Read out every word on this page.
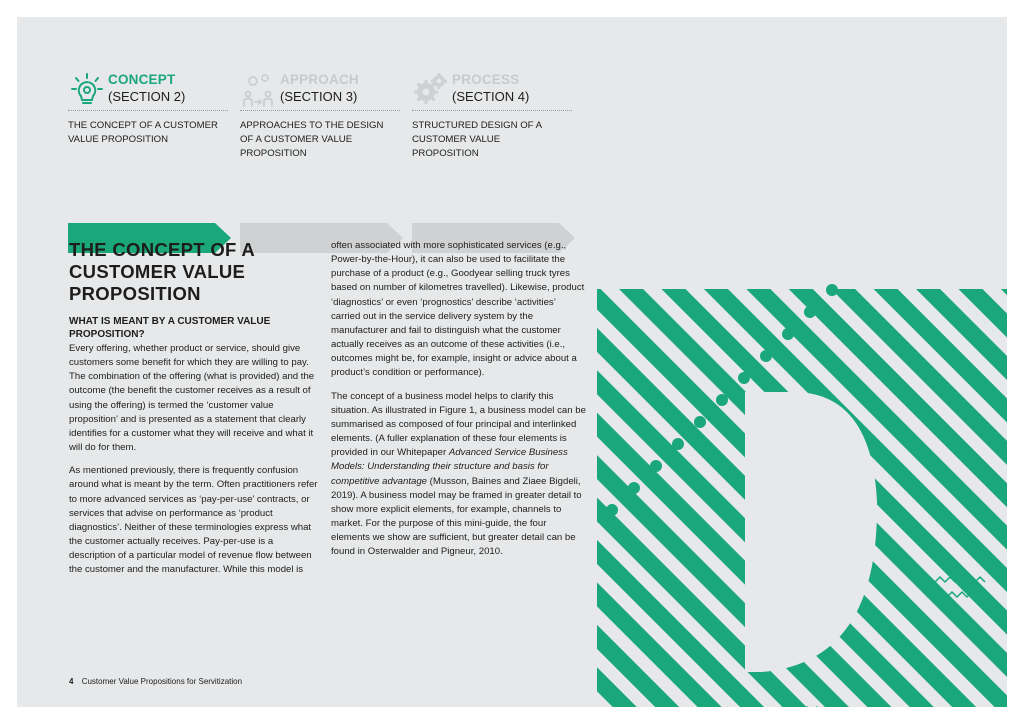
CONCEPT
(SECTION 2)
THE CONCEPT OF A CUSTOMER VALUE PROPOSITION
APPROACH
(SECTION 3)
APPROACHES TO THE DESIGN OF A CUSTOMER VALUE PROPOSITION
PROCESS
(SECTION 4)
STRUCTURED DESIGN OF A CUSTOMER VALUE PROPOSITION
THE CONCEPT OF A CUSTOMER VALUE PROPOSITION
WHAT IS MEANT BY A CUSTOMER VALUE PROPOSITION?

Every offering, whether product or service, should give customers some benefit for which they are willing to pay. The combination of the offering (what is provided) and the outcome (the benefit the customer receives as a result of using the offering) is termed the ‘customer value proposition’ and is presented as a statement that clearly identifies for a customer what they will receive and what it will do for them.

As mentioned previously, there is frequently confusion around what is meant by the term. Often practitioners refer to more advanced services as ‘pay-per-use’ contracts, or services that advise on performance as ‘product diagnostics’. Neither of these terminologies express what the customer actually receives. Pay-per-use is a description of a particular model of revenue flow between the customer and the manufacturer. While this model is

often associated with more sophisticated services (e.g., Power-by-the-Hour), it can also be used to facilitate the purchase of a product (e.g., Goodyear selling truck tyres based on number of kilometres travelled). Likewise, product ‘diagnostics’ or even ‘prognostics’ describe ‘activities’ carried out in the service delivery system by the manufacturer and fail to distinguish what the customer actually receives as an outcome of these activities (i.e., outcomes might be, for example, insight or advice about a product’s condition or performance).

The concept of a business model helps to clarify this situation. As illustrated in Figure 1, a business model can be summarised as composed of four principal and interlinked elements. (A fuller explanation of these four elements is provided in our Whitepaper Advanced Service Business Models: Understanding their structure and basis for competitive advantage (Musson, Baines and Ziaee Bigdeli, 2019). A business model may be framed in greater detail to show more explicit elements, for example, channels to market. For the purpose of this mini-guide, the four elements we show are sufficient, but greater detail can be found in Osterwalder and Pigneur, 2010.

4 Customer Value Propositions for Servitization
